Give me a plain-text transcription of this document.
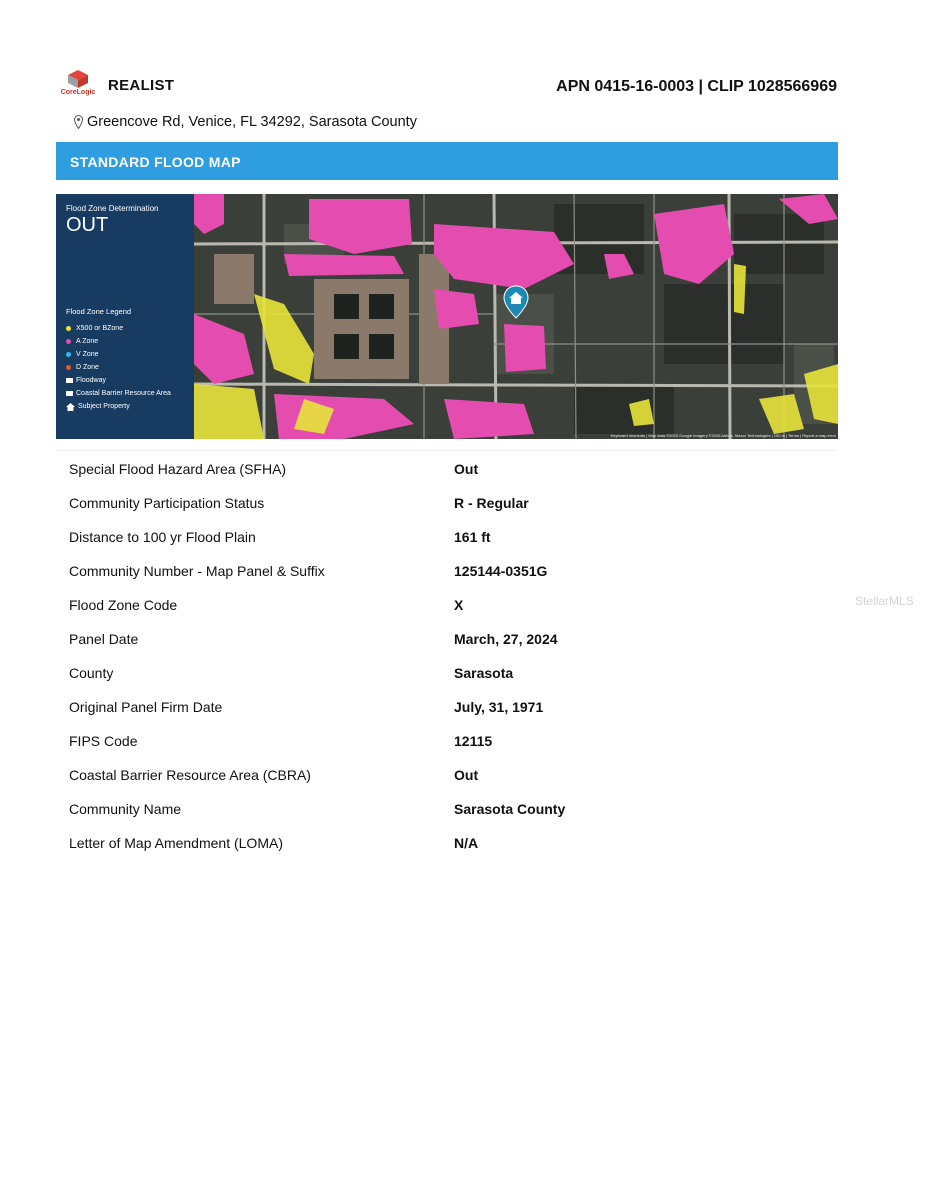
CoreLogic REALIST	APN 0415-16-0003 | CLIP 1028566969
Greencove Rd, Venice, FL 34292, Sarasota County
STANDARD FLOOD MAP
Flood Zone Determination
OUT
Flood Zone Legend
X500 or BZone
A Zone
V Zone
D Zone
Floodway
Coastal Barrier Resource Area
Subject Property
Keyboard shortcuts | Map data ©2025 Google Imagery ©2025 Airbus, Maxar Technologies | 100 m | Terms | Report a map error
Special Flood Hazard Area (SFHA)	Out
Community Participation Status	R - Regular
Distance to 100 yr Flood Plain	161 ft
Community Number - Map Panel & Suffix	125144-0351G
Flood Zone Code	X
Panel Date	March, 27, 2024
County	Sarasota
Original Panel Firm Date	July, 31, 1971
FIPS Code	12115
Coastal Barrier Resource Area (CBRA)	Out
Community Name	Sarasota County
Letter of Map Amendment (LOMA)	N/A
StellarMLS
